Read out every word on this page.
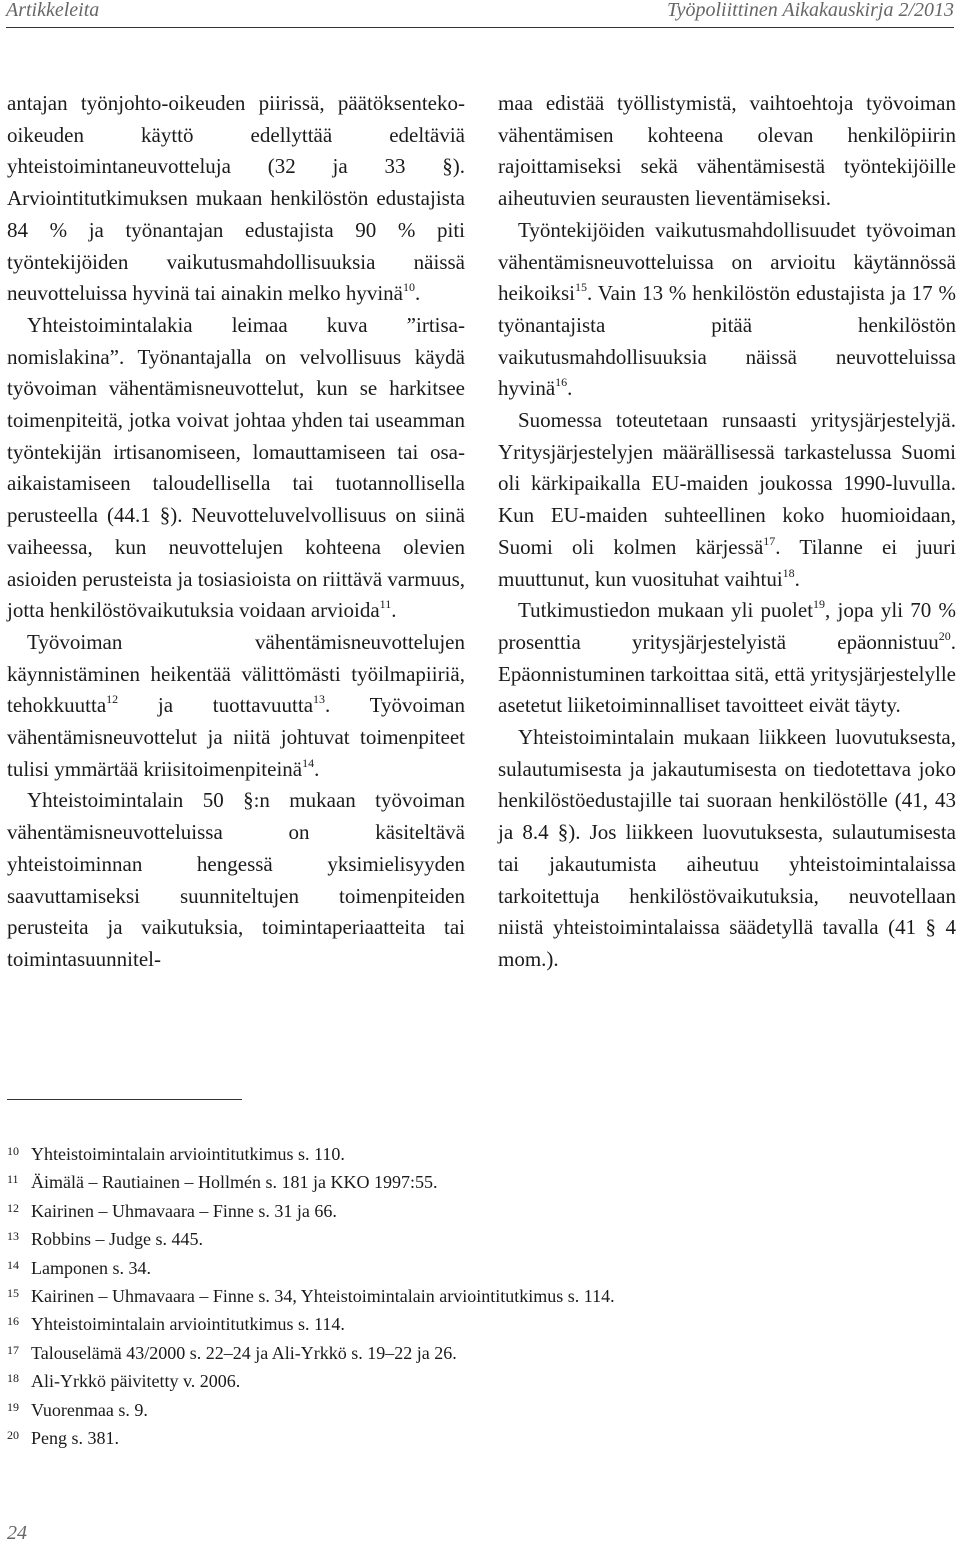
Artikkeleita	Työpoliittinen Aikakauskirja 2/2013

antajan työnjohto-oikeuden piirissä, päätöksenteko-oikeuden käyttö edellyttää edeltäviä yhteistoimintaneuvotteluja (32 ja 33 §). Arviointitutkimuksen mukaan henkilöstön edustajista 84 % ja työnantajan edustajista 90 % piti työntekijöiden vaikutusmahdollisuuksia näissä neuvotteluissa hyvinä tai ainakin melko hyvinä$^{10}$.

Yhteistoimintalakia leimaa kuva ”irtisanomislakina”. Työnantajalla on velvollisuus käydä työvoiman vähentämisneuvottelut, kun se harkitsee toimenpiteitä, jotka voivat johtaa yhden tai useamman työntekijän irtisanomiseen, lomauttamiseen tai osa-aikaistamiseen taloudellisella tai tuotannollisella perusteella (44.1 §). Neuvotteluvelvollisuus on siinä vaiheessa, kun neuvottelujen kohteena olevien asioiden perusteista ja tosiasioista on riittävä varmuus, jotta henkilöstövaikutuksia voidaan arvioida$^{11}$.

Työvoiman vähentämisneuvottelujen käynnistäminen heikentää välittömästi työilmapiiriä, tehokkuutta$^{12}$ ja tuottavuutta$^{13}$. Työvoiman vähentämisneuvottelut ja niitä johtuvat toimenpiteet tulisi ymmärtää kriisitoimenpiteinä$^{14}$.

Yhteistoimintalain 50 §:n mukaan työvoiman vähentämisneuvotteluissa on käsiteltävä yhteistoiminnan hengessä yksimielisyyden saavuttamiseksi suunniteltujen toimenpiteiden perusteita ja vaikutuksia, toimintaperiaatteita tai toimintasuunnitel-

maa edistää työllistymistä, vaihtoehtoja työvoiman vähentämisen kohteena olevan henkilöpiirin rajoittamiseksi sekä vähentämisestä työntekijöille aiheutuvien seurausten lieventämiseksi.

Työntekijöiden vaikutusmahdollisuudet työvoiman vähentämisneuvotteluissa on arvioitu käytännössä heikoiksi$^{15}$. Vain 13 % henkilöstön edustajista ja 17 % työnantajista pitää henkilöstön vaikutusmahdollisuuksia näissä neuvotteluissa hyvinä$^{16}$.

Suomessa toteutetaan runsaasti yritysjärjestelyjä. Yritysjärjestelyjen määrällisessä tarkastelussa Suomi oli kärkipaikalla EU-maiden joukossa 1990-luvulla. Kun EU-maiden suhteellinen koko huomioidaan, Suomi oli kolmen kärjessä$^{17}$. Tilanne ei juuri muuttunut, kun vuosituhat vaihtui$^{18}$.

Tutkimustiedon mukaan yli puolet$^{19}$, jopa yli 70 % prosenttia yritysjärjestelyistä epäonnistuu$^{20}$. Epäonnistuminen tarkoittaa sitä, että yritysjärjestelylle asetetut liiketoiminnalliset tavoitteet eivät täyty.

Yhteistoimintalain mukaan liikkeen luovutuksesta, sulautumisesta ja jakautumisesta on tiedotettava joko henkilöstöedustajille tai suoraan henkilöstölle (41, 43 ja 8.4 §). Jos liikkeen luovutuksesta, sulautumisesta tai jakautumista aiheutuu yhteistoimintalaissa tarkoitettuja henkilöstövaikutuksia, neuvotellaan niistä yhteistoimintalaissa säädetyllä tavalla (41 § 4 mom.).

10 Yhteistoimintalain arviointitutkimus s. 110.
11 Äimälä – Rautiainen – Hollmén s. 181 ja KKO 1997:55.
12 Kairinen – Uhmavaara – Finne s. 31 ja 66.
13 Robbins – Judge s. 445.
14 Lamponen s. 34.
15 Kairinen – Uhmavaara – Finne s. 34, Yhteistoimintalain arviointitutkimus s. 114.
16 Yhteistoimintalain arviointitutkimus s. 114.
17 Talouselämä 43/2000 s. 22–24 ja Ali-Yrkkö s. 19–22 ja 26.
18 Ali-Yrkkö päivitetty v. 2006.
19 Vuorenmaa s. 9.
20 Peng s. 381.
24
